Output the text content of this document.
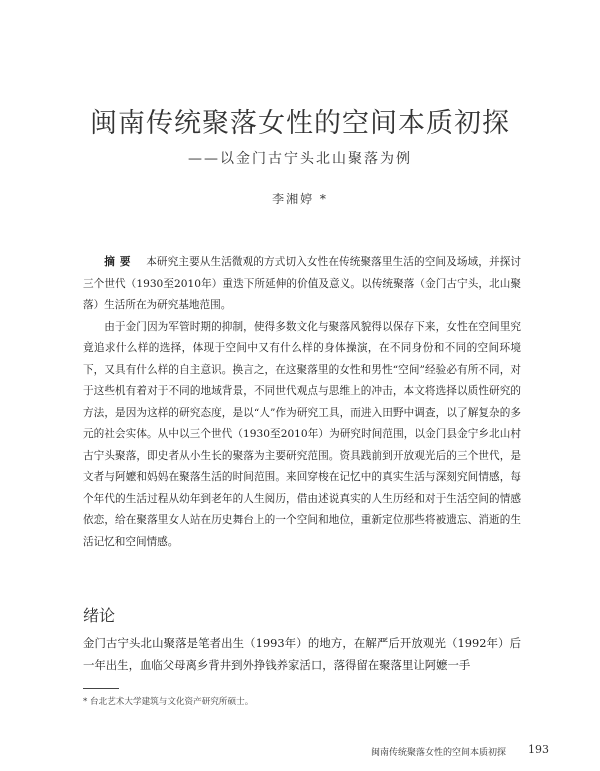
闽南传统聚落女性的空间本质初探
——以金门古宁头北山聚落为例
李湘婷 *

摘要 本研究主要从生活微观的方式切入女性在传统聚落里生活的空间及场域，并探讨三个世代（1930至2010年）重迭下所延伸的价值及意义。以传统聚落（金门古宁头，北山聚落）生活所在为研究基地范围。

由于金门因为军管时期的抑制，使得多数文化与聚落风貌得以保存下来，女性在空间里究竟追求什么样的选择，体现于空间中又有什么样的身体操演，在不同身份和不同的空间环境下，又具有什么样的自主意识。换言之，在这聚落里的女性和男性“空间”经验必有所不同，对于这些机有着对于不同的地域背景，不同世代观点与思维上的冲击，本文将选择以质性研究的方法，是因为这样的研究态度，是以“人”作为研究工具，而进入田野中调查，以了解复杂的多元的社会实体。从中以三个世代（1930至2010年）为研究时间范围，以金门县金宁乡北山村古宁头聚落，即史者从小生长的聚落为主要研究范围。资具践前到开放观光后的三个世代，是文者与阿嬷和妈妈在聚落生活的时间范围。来回穿梭在记忆中的真实生活与深刻究间情感，每个年代的生活过程从幼年到老年的人生阅历，借由述说真实的人生历经和对于生活空间的情感依恋，给在聚落里女人站在历史舞台上的一个空间和地位，重新定位那些将被遗忘、消逝的生活记忆和空间情感。

绪论

金门古宁头北山聚落是笔者出生（1993年）的地方，在解严后开放观光（1992年）后一年出生，血临父母离乡背井到外挣钱养家活口，落得留在聚落里让阿嬷一手

* 台北艺术大学建筑与文化资产研究所硕士。
闽南传统聚落女性的空间本质初探 193
